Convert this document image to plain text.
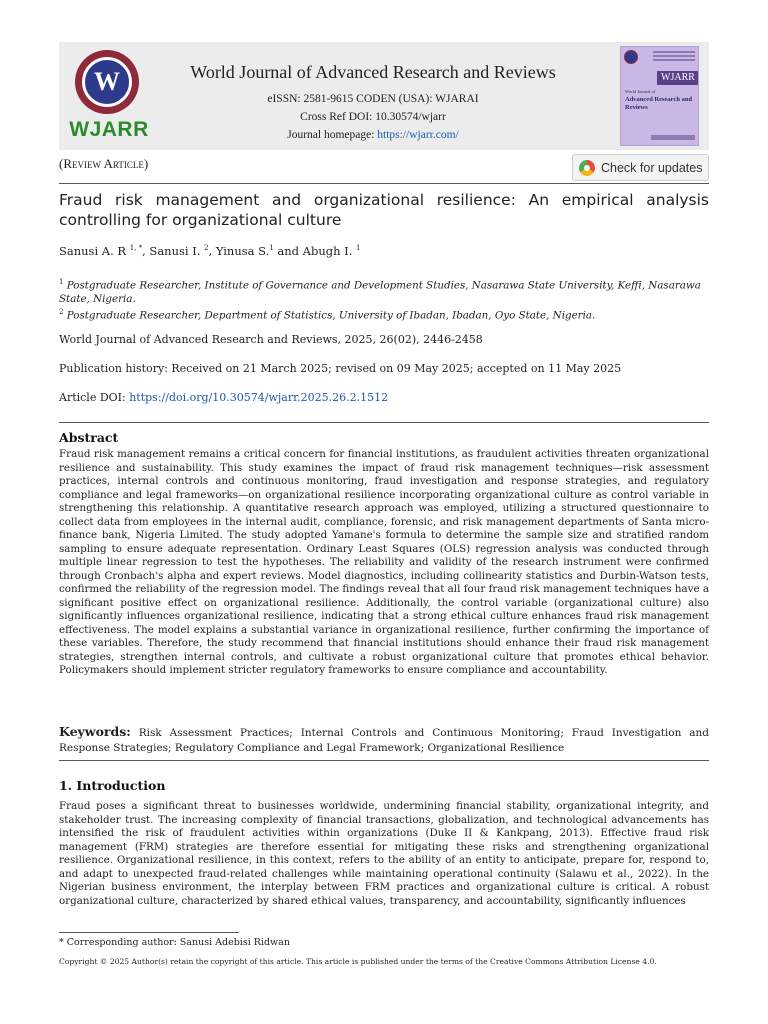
W
WJARR
World Journal of Advanced Research and Reviews
eISSN: 2581-9615 CODEN (USA): WJARAI
Cross Ref DOI: 10.30574/wjarr
Journal homepage: https://wjarr.com/
WJARR
World Journal of
Advanced Research and Reviews
(Review Article)	Check for updates
Fraud risk management and organizational resilience: An empirical analysis controlling for organizational culture
Sanusi A. R $^{1, *}$, Sanusi I. $^2$, Yinusa S.$^1$ and Abugh I. $^1$
$^1$ Postgraduate Researcher, Institute of Governance and Development Studies, Nasarawa State University, Keffi, Nasarawa State, Nigeria.
$^2$ Postgraduate Researcher, Department of Statistics, University of Ibadan, Ibadan, Oyo State, Nigeria.
World Journal of Advanced Research and Reviews, 2025, 26(02), 2446-2458
Publication history: Received on 21 March 2025; revised on 09 May 2025; accepted on 11 May 2025
Article DOI: https://doi.org/10.30574/wjarr.2025.26.2.1512
Abstract

Fraud risk management remains a critical concern for financial institutions, as fraudulent activities threaten organizational resilience and sustainability. This study examines the impact of fraud risk management techniques—risk assessment practices, internal controls and continuous monitoring, fraud investigation and response strategies, and regulatory compliance and legal frameworks—on organizational resilience incorporating organizational culture as control variable in strengthening this relationship. A quantitative research approach was employed, utilizing a structured questionnaire to collect data from employees in the internal audit, compliance, forensic, and risk management departments of Santa micro-finance bank, Nigeria Limited. The study adopted Yamane's formula to determine the sample size and stratified random sampling to ensure adequate representation. Ordinary Least Squares (OLS) regression analysis was conducted through multiple linear regression to test the hypotheses. The reliability and validity of the research instrument were confirmed through Cronbach's alpha and expert reviews. Model diagnostics, including collinearity statistics and Durbin-Watson tests, confirmed the reliability of the regression model. The findings reveal that all four fraud risk management techniques have a significant positive effect on organizational resilience. Additionally, the control variable (organizational culture) also significantly influences organizational resilience, indicating that a strong ethical culture enhances fraud risk management effectiveness. The model explains a substantial variance in organizational resilience, further confirming the importance of these variables. Therefore, the study recommend that financial institutions should enhance their fraud risk management strategies, strengthen internal controls, and cultivate a robust organizational culture that promotes ethical behavior. Policymakers should implement stricter regulatory frameworks to ensure compliance and accountability.

Keywords: Risk Assessment Practices; Internal Controls and Continuous Monitoring; Fraud Investigation and Response Strategies; Regulatory Compliance and Legal Framework; Organizational Resilience
1. Introduction

Fraud poses a significant threat to businesses worldwide, undermining financial stability, organizational integrity, and stakeholder trust. The increasing complexity of financial transactions, globalization, and technological advancements has intensified the risk of fraudulent activities within organizations (Duke II & Kankpang, 2013). Effective fraud risk management (FRM) strategies are therefore essential for mitigating these risks and strengthening organizational resilience. Organizational resilience, in this context, refers to the ability of an entity to anticipate, prepare for, respond to, and adapt to unexpected fraud-related challenges while maintaining operational continuity (Salawu et al., 2022). In the Nigerian business environment, the interplay between FRM practices and organizational culture is critical. A robust organizational culture, characterized by shared ethical values, transparency, and accountability, significantly influences

* Corresponding author: Sanusi Adebisi Ridwan
Copyright © 2025 Author(s) retain the copyright of this article. This article is published under the terms of the Creative Commons Attribution License 4.0.
